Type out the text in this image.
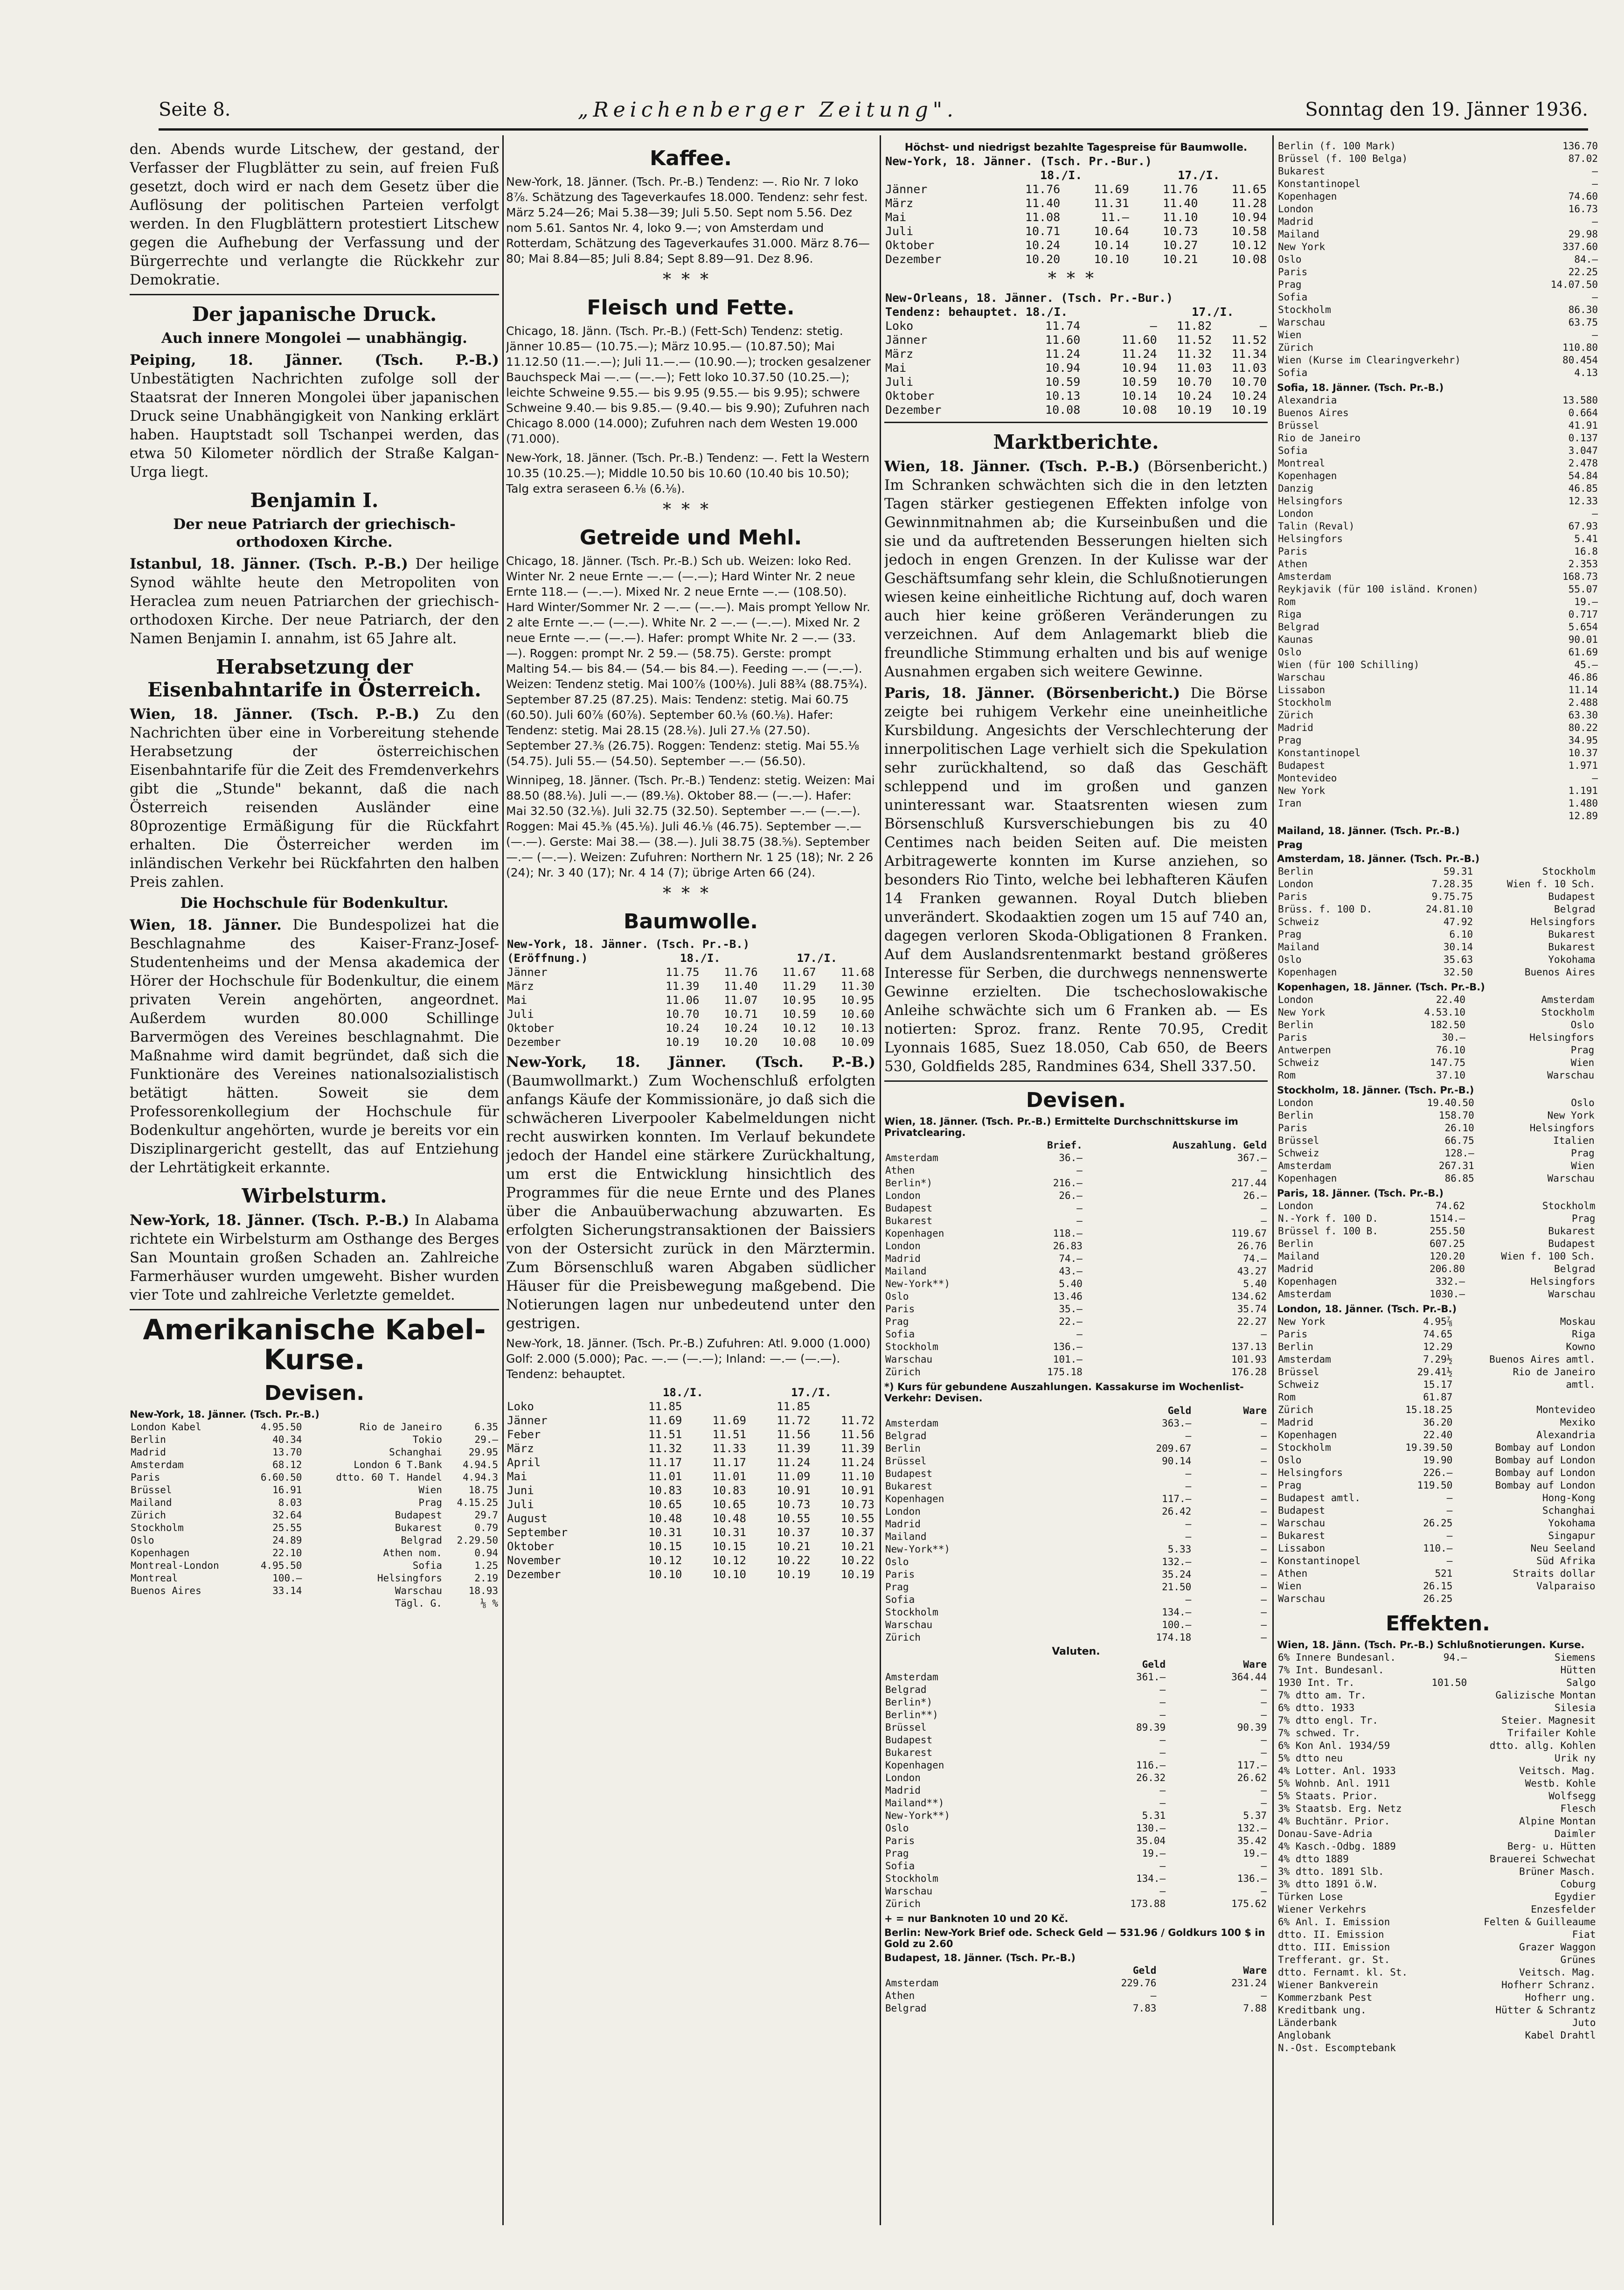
Seite 8.	„Reichenberger Zeitung".	Sonntag den 19. Jänner 1936.

den. Abends wurde Litschew, der gestand, der Verfasser der Flugblätter zu sein, auf freien Fuß gesetzt, doch wird er nach dem Gesetz über die Auflösung der politischen Parteien verfolgt werden. In den Flugblättern protestiert Litschew gegen die Aufhebung der Verfassung und der Bürgerrechte und verlangte die Rückkehr zur Demokratie.

Der japanische Druck.
Auch innere Mongolei — unabhängig.

Peiping, 18. Jänner. (Tsch. P.-B.) Unbestätigten Nachrichten zufolge soll der Staatsrat der Inneren Mongolei über japanischen Druck seine Unabhängigkeit von Nanking erklärt haben. Hauptstadt soll Tschanpei werden, das etwa 50 Kilometer nördlich der Straße Kalgan-Urga liegt.

Benjamin I.
Der neue Patriarch der griechisch-orthodoxen Kirche.

Istanbul, 18. Jänner. (Tsch. P.-B.) Der heilige Synod wählte heute den Metropoliten von Heraclea zum neuen Patriarchen der griechisch-orthodoxen Kirche. Der neue Patriarch, der den Namen Benjamin I. annahm, ist 65 Jahre alt.

Herabsetzung der Eisenbahntarife in Österreich.

Wien, 18. Jänner. (Tsch. P.-B.) Zu den Nachrichten über eine in Vorbereitung stehende Herabsetzung der österreichischen Eisenbahntarife für die Zeit des Fremdenverkehrs gibt die „Stunde" bekannt, daß die nach Österreich reisenden Ausländer eine 80prozentige Ermäßigung für die Rückfahrt erhalten. Die Österreicher werden im inländischen Verkehr bei Rückfahrten den halben Preis zahlen.

Die Hochschule für Bodenkultur.

Wien, 18. Jänner. Die Bundespolizei hat die Beschlagnahme des Kaiser-Franz-Josef-Studentenheims und der Mensa akademica der Hörer der Hochschule für Bodenkultur, die einem privaten Verein angehörten, angeordnet. Außerdem wurden 80.000 Schillinge Barvermögen des Vereines beschlagnahmt. Die Maßnahme wird damit begründet, daß sich die Funktionäre des Vereines nationalsozialistisch betätigt hätten. Soweit sie dem Professorenkollegium der Hochschule für Bodenkultur angehörten, wurde je bereits vor ein Disziplinargericht gestellt, das auf Entziehung der Lehrtätigkeit erkannte.

Wirbelsturm.

New-York, 18. Jänner. (Tsch. P.-B.) In Alabama richtete ein Wirbelsturm am Osthange des Berges San Mountain großen Schaden an. Zahlreiche Farmerhäuser wurden umgeweht. Bisher wurden vier Tote und zahlreiche Verletzte gemeldet.

Amerikanische Kabel-Kurse.
Devisen.
New-York, 18. Jänner. (Tsch. Pr.-B.)
London Kabel	4.95.50	Rio de Janeiro	6.35
Berlin	40.34	Tokio	29.—
Madrid	13.70	Schanghai	29.95
Amsterdam	68.12	London 6 T.Bank	4.94.5
Paris	6.60.50	dtto. 60 T. Handel	4.94.3
Brüssel	16.91	Wien	18.75
Mailand	8.03	Prag	4.15.25
Zürich	32.64	Budapest	29.7
Stockholm	25.55	Bukarest	0.79
Oslo	24.89	Belgrad	2.29.50
Kopenhagen	22.10	Athen nom.	0.94
Montreal-London	4.95.50	Sofia	1.25
Montreal	100.—	Helsingfors	2.19
Buenos Aires	33.14	Warschau	18.93
		Tägl. G.	⅛ %
Kaffee.

New-York, 18. Jänner. (Tsch. Pr.-B.) Tendenz: —. Rio Nr. 7 loko 8⅞. Schätzung des Tageverkaufes 18.000. Tendenz: sehr fest. März 5.24—26; Mai 5.38—39; Juli 5.50. Sept nom 5.56. Dez nom 5.61. Santos Nr. 4, loko 9.—; von Amsterdam und Rotterdam, Schätzung des Tageverkaufes 31.000. März 8.76—80; Mai 8.84—85; Juli 8.84; Sept 8.89—91. Dez 8.96.

***
Fleisch und Fette.

Chicago, 18. Jänn. (Tsch. Pr.-B.) (Fett-Sch) Tendenz: stetig. Jänner 10.85— (10.75.—); März 10.95.— (10.87.50); Mai 11.12.50 (11.—.—); Juli 11.—.— (10.90.—); trocken gesalzener Bauchspeck Mai —.— (—.—); Fett loko 10.37.50 (10.25.—); leichte Schweine 9.55.— bis 9.95 (9.55.— bis 9.95); schwere Schweine 9.40.— bis 9.85.— (9.40.— bis 9.90); Zufuhren nach Chicago 8.000 (14.000); Zufuhren nach dem Westen 19.000 (71.000).

New-York, 18. Jänner. (Tsch. Pr.-B.) Tendenz: —. Fett la Western 10.35 (10.25.—); Middle 10.50 bis 10.60 (10.40 bis 10.50); Talg extra seraseen 6.⅛ (6.⅛).

***
Getreide und Mehl.

Chicago, 18. Jänner. (Tsch. Pr.-B.) Sch ub. Weizen: loko Red. Winter Nr. 2 neue Ernte —.— (—.—); Hard Winter Nr. 2 neue Ernte 118.— (—.—). Mixed Nr. 2 neue Ernte —.— (108.50). Hard Winter/Sommer Nr. 2 —.— (—.—). Mais prompt Yellow Nr. 2 alte Ernte —.— (—.—). White Nr. 2 —.— (—.—). Mixed Nr. 2 neue Ernte —.— (—.—). Hafer: prompt White Nr. 2 —.— (33.—). Roggen: prompt Nr. 2 59.— (58.75). Gerste: prompt Malting 54.— bis 84.— (54.— bis 84.—). Feeding —.— (—.—). Weizen: Tendenz stetig. Mai 100⅞ (100⅛). Juli 88¾ (88.75¾). September 87.25 (87.25). Mais: Tendenz: stetig. Mai 60.75 (60.50). Juli 60⅞ (60⅞). September 60.⅛ (60.⅛). Hafer: Tendenz: stetig. Mai 28.15 (28.⅛). Juli 27.⅛ (27.50). September 27.⅜ (26.75). Roggen: Tendenz: stetig. Mai 55.⅛ (54.75). Juli 55.— (54.50). September —.— (56.50).

Winnipeg, 18. Jänner. (Tsch. Pr.-B.) Tendenz: stetig. Weizen: Mai 88.50 (88.⅛). Juli —.— (89.⅛). Oktober 88.— (—.—). Hafer: Mai 32.50 (32.⅛). Juli 32.75 (32.50). September —.— (—.—). Roggen: Mai 45.⅜ (45.⅛). Juli 46.⅛ (46.75). September —.— (—.—). Gerste: Mai 38.— (38.—). Juli 38.75 (38.⅝). September —.— (—.—). Weizen: Zufuhren: Northern Nr. 1 25 (18); Nr. 2 26 (24); Nr. 3 40 (17); Nr. 4 14 (7); übrige Arten 66 (24).

***
Baumwolle.
New-York, 18. Jänner. (Tsch. Pr.-B.)				
(Eröffnung.)	18./I.		17./I.	
Jänner	11.75	11.76	11.67	11.68
März	11.39	11.40	11.29	11.30
Mai	11.06	11.07	10.95	10.95
Juli	10.70	10.71	10.59	10.60
Oktober	10.24	10.24	10.12	10.13
Dezember	10.19	10.20	10.08	10.09

New-York, 18. Jänner. (Tsch. P.-B.) (Baumwollmarkt.) Zum Wochenschluß erfolgten anfangs Käufe der Kommissionäre, jo daß sich die schwächeren Liverpooler Kabelmeldungen nicht recht auswirken konnten. Im Verlauf bekundete jedoch der Handel eine stärkere Zurückhaltung, um erst die Entwicklung hinsichtlich des Programmes für die neue Ernte und des Planes über die Anbauüberwachung abzuwarten. Es erfolgten Sicherungstransaktionen der Baissiers von der Ostersicht zurück in den Märztermin. Zum Börsenschluß waren Abgaben südlicher Häuser für die Preisbewegung maßgebend. Die Notierungen lagen nur unbedeutend unter den gestrigen.

New-York, 18. Jänner. (Tsch. Pr.-B.) Zufuhren: Atl. 9.000 (1.000) Golf: 2.000 (5.000); Pac. —.— (—.—); Inland: —.— (—.—). Tendenz: behauptet.

	18./I.		17./I.	
Loko	11.85		11.85	
Jänner	11.69	11.69	11.72	11.72
Feber	11.51	11.51	11.56	11.56
März	11.32	11.33	11.39	11.39
April	11.17	11.17	11.24	11.24
Mai	11.01	11.01	11.09	11.10
Juni	10.83	10.83	10.91	10.91
Juli	10.65	10.65	10.73	10.73
August	10.48	10.48	10.55	10.55
September	10.31	10.31	10.37	10.37
Oktober	10.15	10.15	10.21	10.21
November	10.12	10.12	10.22	10.22
Dezember	10.10	10.10	10.19	10.19
Höchst- und niedrigst bezahlte Tagespreise für Baumwolle.
New-York, 18. Jänner. (Tsch. Pr.-Bur.)				
	18./I.		17./I.	
Jänner	11.76	11.69	11.76	11.65
März	11.40	11.31	11.40	11.28
Mai	11.08	11.—	11.10	10.94
Juli	10.71	10.64	10.73	10.58
Oktober	10.24	10.14	10.27	10.12
Dezember	10.20	10.10	10.21	10.08
***
New-Orleans, 18. Jänner. (Tsch. Pr.-Bur.)				
Tendenz: behauptet. 18./I.			17./I.	
Loko	11.74	—	11.82	—
Jänner	11.60	11.60	11.52	11.52
März	11.24	11.24	11.32	11.34
Mai	10.94	10.94	11.03	11.03
Juli	10.59	10.59	10.70	10.70
Oktober	10.13	10.14	10.24	10.24
Dezember	10.08	10.08	10.19	10.19
Marktberichte.

Wien, 18. Jänner. (Tsch. P.-B.) (Börsenbericht.) Im Schranken schwächten sich die in den letzten Tagen stärker gestiegenen Effekten infolge von Gewinnmitnahmen ab; die Kurseinbußen und die sie und da auftretenden Besserungen hielten sich jedoch in engen Grenzen. In der Kulisse war der Geschäftsumfang sehr klein, die Schlußnotierungen wiesen keine einheitliche Richtung auf, doch waren auch hier keine größeren Veränderungen zu verzeichnen. Auf dem Anlagemarkt blieb die freundliche Stimmung erhalten und bis auf wenige Ausnahmen ergaben sich weitere Gewinne.

Paris, 18. Jänner. (Börsenbericht.) Die Börse zeigte bei ruhigem Verkehr eine uneinheitliche Kursbildung. Angesichts der Verschlechterung der innerpolitischen Lage verhielt sich die Spekulation sehr zurückhaltend, so daß das Geschäft schleppend und im großen und ganzen uninteressant war. Staatsrenten wiesen zum Börsenschluß Kursverschiebungen bis zu 40 Centimes nach beiden Seiten auf. Die meisten Arbitragewerte konnten im Kurse anziehen, so besonders Rio Tinto, welche bei lebhafteren Käufen 14 Franken gewannen. Royal Dutch blieben unverändert. Skodaaktien zogen um 15 auf 740 an, dagegen verloren Skoda-Obligationen 8 Franken. Auf dem Auslandsrentenmarkt bestand größeres Interesse für Serben, die durchwegs nennenswerte Gewinne erzielten. Die tschechoslowakische Anleihe schwächte sich um 6 Franken ab. — Es notierten: Sproz. franz. Rente 70.95, Credit Lyonnais 1685, Suez 18.050, Cab 650, de Beers 530, Goldfields 285, Randmines 634, Shell 337.50.

Devisen.
Wien, 18. Jänner. (Tsch. Pr.-B.) Ermittelte Durchschnittskurse im Privatclearing.
	Brief.	Auszahlung. Geld
Amsterdam	36.—	367.—
Athen	—	—
Berlin*)	216.—	217.44
London	26.—	26.—
Budapest	—	—
Bukarest	—	—
Kopenhagen	118.—	119.67
London	26.83	26.76
Madrid	74.—	74.—
Mailand	43.—	43.27
New-York**)	5.40	5.40
Oslo	13.46	134.62
Paris	35.—	35.74
Prag	22.—	22.27
Sofia	—	—
Stockholm	136.—	137.13
Warschau	101.—	101.93
Zürich	175.18	176.28
*) Kurs für gebundene Auszahlungen. Kassakurse im Wochenlist-Verkehr: Devisen.
	Geld	Ware
Amsterdam	363.—	—
Belgrad	—	—
Berlin	209.67	—
Brüssel	90.14	—
Budapest	—	—
Bukarest	—	—
Kopenhagen	117.—	—
London	26.42	—
Madrid	—	—
Mailand	—	—
New-York**)	5.33	—
Oslo	132.—	—
Paris	35.24	—
Prag	21.50	—
Sofia	—	—
Stockholm	134.—	—
Warschau	100.—	—
Zürich	174.18	—
Valuten.
	Geld	Ware
Amsterdam	361.—	364.44
Belgrad	—	—
Berlin*)	—	—
Berlin**)	—	—
Brüssel	89.39	90.39
Budapest	—	—
Bukarest	—	—
Kopenhagen	116.—	117.—
London	26.32	26.62
Madrid	—	—
Mailand**)	—	—
New-York**)	5.31	5.37
Oslo	130.—	132.—
Paris	35.04	35.42
Prag	19.—	19.—
Sofia	—	—
Stockholm	134.—	136.—
Warschau	—	—
Zürich	173.88	175.62
+ = nur Banknoten 10 und 20 Kč.
Berlin: New-York Brief ode. Scheck Geld — 531.96 / Goldkurs 100 $ in Gold zu 2.60
Budapest, 18. Jänner. (Tsch. Pr.-B.)
	Geld	Ware
Amsterdam	229.76	231.24
Athen	—	—
Belgrad	7.83	7.88
Berlin (f. 100 Mark)	136.70
Brüssel (f. 100 Belga)	87.02
Bukarest	—
Konstantinopel	—
Kopenhagen	74.60
London	16.73
Madrid	—
Mailand	29.98
New York	337.60
Oslo	84.—
Paris	22.25
Prag	14.07.50
Sofia	—
Stockholm	86.30
Warschau	63.75
Wien	—
Zürich	110.80
Wien (Kurse im Clearingverkehr)	80.454
Sofia	4.13
Sofia, 18. Jänner. (Tsch. Pr.-B.)
Alexandria	13.580
Buenos Aires	0.664
Brüssel	41.91
Rio de Janeiro	0.137
Sofia	3.047
Montreal	2.478
Kopenhagen	54.84
Danzig	46.85
Helsingfors	12.33
London	—
Talin (Reval)	67.93
Helsingfors	5.41
Paris	16.8
Athen	2.353
Amsterdam	168.73
Reykjavik (für 100 isländ. Kronen)	55.07
Rom	19.—
Riga	0.717
Belgrad	5.654
Kaunas	90.01
Oslo	61.69
Wien (für 100 Schilling)	45.—
Warschau	46.86
Lissabon	11.14
Stockholm	2.488
Zürich	63.30
Madrid	80.22
Prag	34.95
Konstantinopel	10.37
Budapest	1.971
Montevideo	—
New York	1.191
Iran	1.480
	12.89
Mailand, 18. Jänner. (Tsch. Pr.-B.)
Prag
Amsterdam, 18. Jänner. (Tsch. Pr.-B.)
Berlin	59.31	Stockholm	
London	7.28.35	Wien f. 10 Sch.	
Paris	9.75.75	Budapest	
Brüss. f. 100 D.	24.81.10	Belgrad	
Schweiz	47.92	Helsingfors	
Prag	6.10	Bukarest	
Mailand	30.14	Bukarest	
Oslo	35.63	Yokohama	
Kopenhagen	32.50	Buenos Aires	
Kopenhagen, 18. Jänner. (Tsch. Pr.-B.)
London	22.40	Amsterdam	
New York	4.53.10	Stockholm	
Berlin	182.50	Oslo	
Paris	30.—	Helsingfors	
Antwerpen	76.10	Prag	
Schweiz	147.75	Wien	
Rom	37.10	Warschau	
Stockholm, 18. Jänner. (Tsch. Pr.-B.)
London	19.40.50	Oslo	
Berlin	158.70	New York	
Paris	26.10	Helsingfors	
Brüssel	66.75	Italien	
Schweiz	128.—	Prag	
Amsterdam	267.31	Wien	
Kopenhagen	86.85	Warschau	
Paris, 18. Jänner. (Tsch. Pr.-B.)
London	74.62	Stockholm	
N.-York f. 100 D.	1514.—	Prag	
Brüssel f. 100 B.	255.50	Bukarest	
Berlin	607.25	Budapest	
Mailand	120.20	Wien f. 100 Sch.	
Madrid	206.80	Belgrad	
Kopenhagen	332.—	Helsingfors	
Amsterdam	1030.—	Warschau	
London, 18. Jänner. (Tsch. Pr.-B.)
New York	4.95⅞	Moskau	
Paris	74.65	Riga	
Berlin	12.29	Kowno	
Amsterdam	7.29½	Buenos Aires amtl.	
Brüssel	29.41½	Rio de Janeiro	
Schweiz	15.17	amtl.	
Rom	61.87		
Zürich	15.18.25	Montevideo	
Madrid	36.20	Mexiko	
Kopenhagen	22.40	Alexandria	
Stockholm	19.39.50	Bombay auf London	
Oslo	19.90	Bombay auf London	
Helsingfors	226.—	Bombay auf London	
Prag	119.50	Bombay auf London	
Budapest amtl.	—	Hong-Kong	
Budapest	—	Schanghai	
Warschau	26.25	Yokohama	
Bukarest	—	Singapur	
Lissabon	110.—	Neu Seeland	
Konstantinopel	—	Süd Afrika	
Athen	521	Straits dollar	
Wien	26.15	Valparaiso	
Warschau	26.25		
Effekten.
Wien, 18. Jänn. (Tsch. Pr.-B.) Schlußnotierungen. Kurse.
6% Innere Bundesanl.	94.—	Siemens	
7% Int. Bundesanl.		Hütten	
1930 Int. Tr.	101.50	Salgo	
7% dtto am. Tr.		Galizische Montan	
6% dtto. 1933		Silesia	
7% dtto engl. Tr.		Steier. Magnesit	
7% schwed. Tr.		Trifailer Kohle	
6% Kon Anl. 1934/59		dtto. allg. Kohlen	
5% dtto neu		Urik ny	
4% Lotter. Anl. 1933		Veitsch. Mag.	
5% Wohnb. Anl. 1911		Westb. Kohle	
5% Staats. Prior.		Wolfsegg	
3% Staatsb. Erg. Netz		Flesch	
4% Buchtänr. Prior.		Alpine Montan	
Donau-Save-Adria		Daimler	
4% Kasch.-Odbg. 1889		Berg- u. Hütten	
4% dtto 1889		Brauerei Schwechat	
3% dtto. 1891 Slb.		Brüner Masch.	
3% dtto 1891 ö.W.		Coburg	
Türken Lose		Egydier	
Wiener Verkehrs		Enzesfelder	
6% Anl. I. Emission		Felten & Guilleaume	
dtto. II. Emission		Fiat	
dtto. III. Emission		Grazer Waggon	
Trefferant. gr. St.		Grünes	
dtto. Fernamt. kl. St.		Veitsch. Mag.	
Wiener Bankverein		Hofherr Schranz.	
Kommerzbank Pest		Hofherr ung.	
Kreditbank ung.		Hütter & Schrantz	
Länderbank		Juto	
Anglobank		Kabel Drahtl	
N.-Ost. Escomptebank			
